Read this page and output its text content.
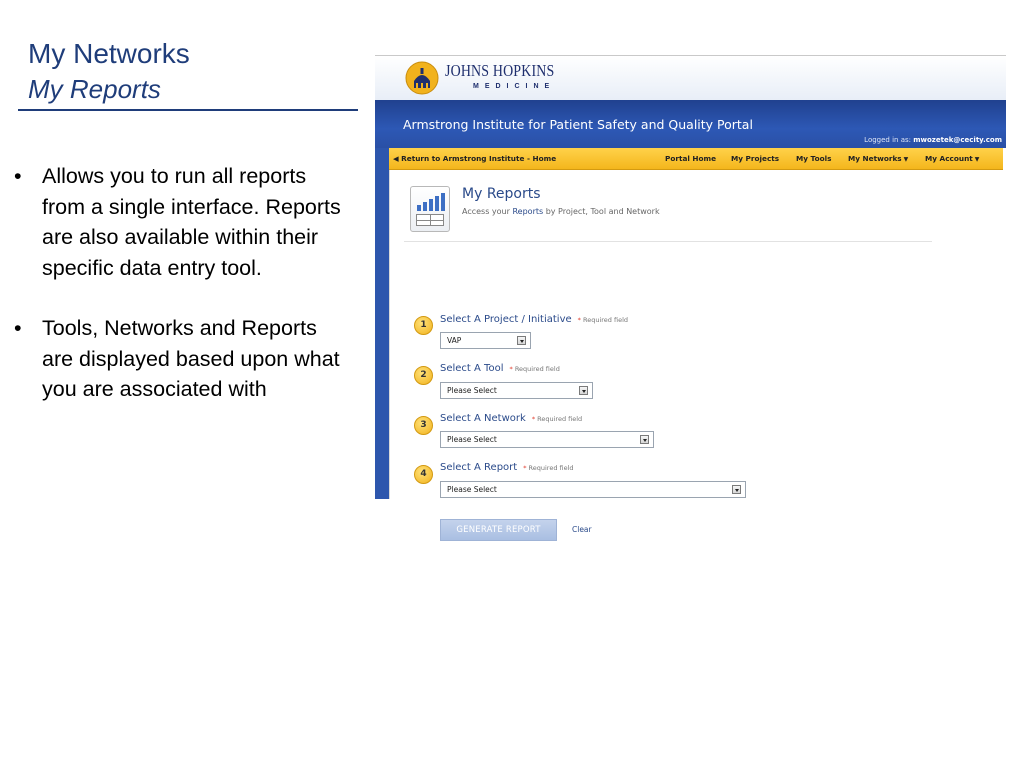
My Networks
My Reports
• Allows you to run all reports from a single interface. Reports are also available within their specific data entry tool.
• Tools, Networks and Reports are displayed based upon what you are associated with
JOHNS HOPKINS
MEDICINE
Armstrong Institute for Patient Safety and Quality Portal
Logged in as: mwozetek@cecity.com
◀ Return to Armstrong Institute - Home	Portal Home My Projects My Tools My Networks ▼ My Account ▼
My Reports
Access your Reports by Project, Tool and Network
1	Select A Project / Initiative * Required field
VAP
2
Select A Tool * Required field
Please Select
3
Select A Network * Required field
Please Select
4
Select A Report * Required field
Please Select
GENERATE REPORT	Clear
